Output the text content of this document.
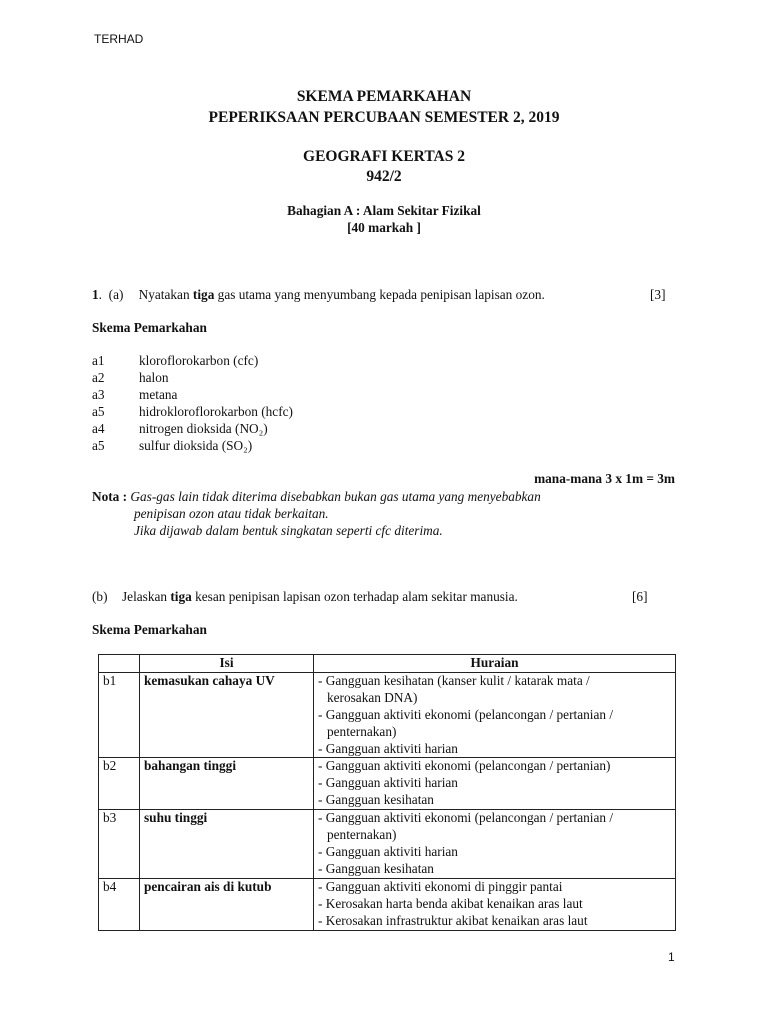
TERHAD
SKEMA PEMARKAHAN
PEPERIKSAAN PERCUBAAN SEMESTER 2, 2019
GEOGRAFI KERTAS 2
942/2
Bahagian A : Alam Sekitar Fizikal
[40 markah ]
1.  (a) Nyatakan tiga gas utama yang menyumbang kepada penipisan lapisan ozon.	[3]
Skema Pemarkahan
a1	kloroflorokarbon (cfc)
a2	halon
a3	metana
a5	hidrokloroflorokarbon (hcfc)
a4	nitrogen dioksida (NO₂)
a5	sulfur dioksida (SO₂)
mana-mana 3 x 1m = 3m
Nota : Gas-gas lain tidak diterima disebabkan bukan gas utama yang menyebabkan
penipisan ozon atau tidak berkaitan.
Jika dijawab dalam bentuk singkatan seperti cfc diterima.
(b) Jelaskan tiga kesan penipisan lapisan ozon terhadap alam sekitar manusia.	[6]
Skema Pemarkahan
	Isi	Huraian
b1	kemasukan cahaya UV	- Gangguan kesihatan (kanser kulit / katarak mata /
kerosakan DNA)
- Gangguan aktiviti ekonomi (pelancongan / pertanian /
penternakan)
- Gangguan aktiviti harian

b2	bahangan tinggi	- Gangguan aktiviti ekonomi (pelancongan / pertanian)
- Gangguan aktiviti harian
- Gangguan kesihatan

b3	suhu tinggi	- Gangguan aktiviti ekonomi (pelancongan / pertanian /
penternakan)
- Gangguan aktiviti harian
- Gangguan kesihatan

b4	pencairan ais di kutub	- Gangguan aktiviti ekonomi di pinggir pantai
- Kerosakan harta benda akibat kenaikan aras laut
- Kerosakan infrastruktur akibat kenaikan aras laut
1
